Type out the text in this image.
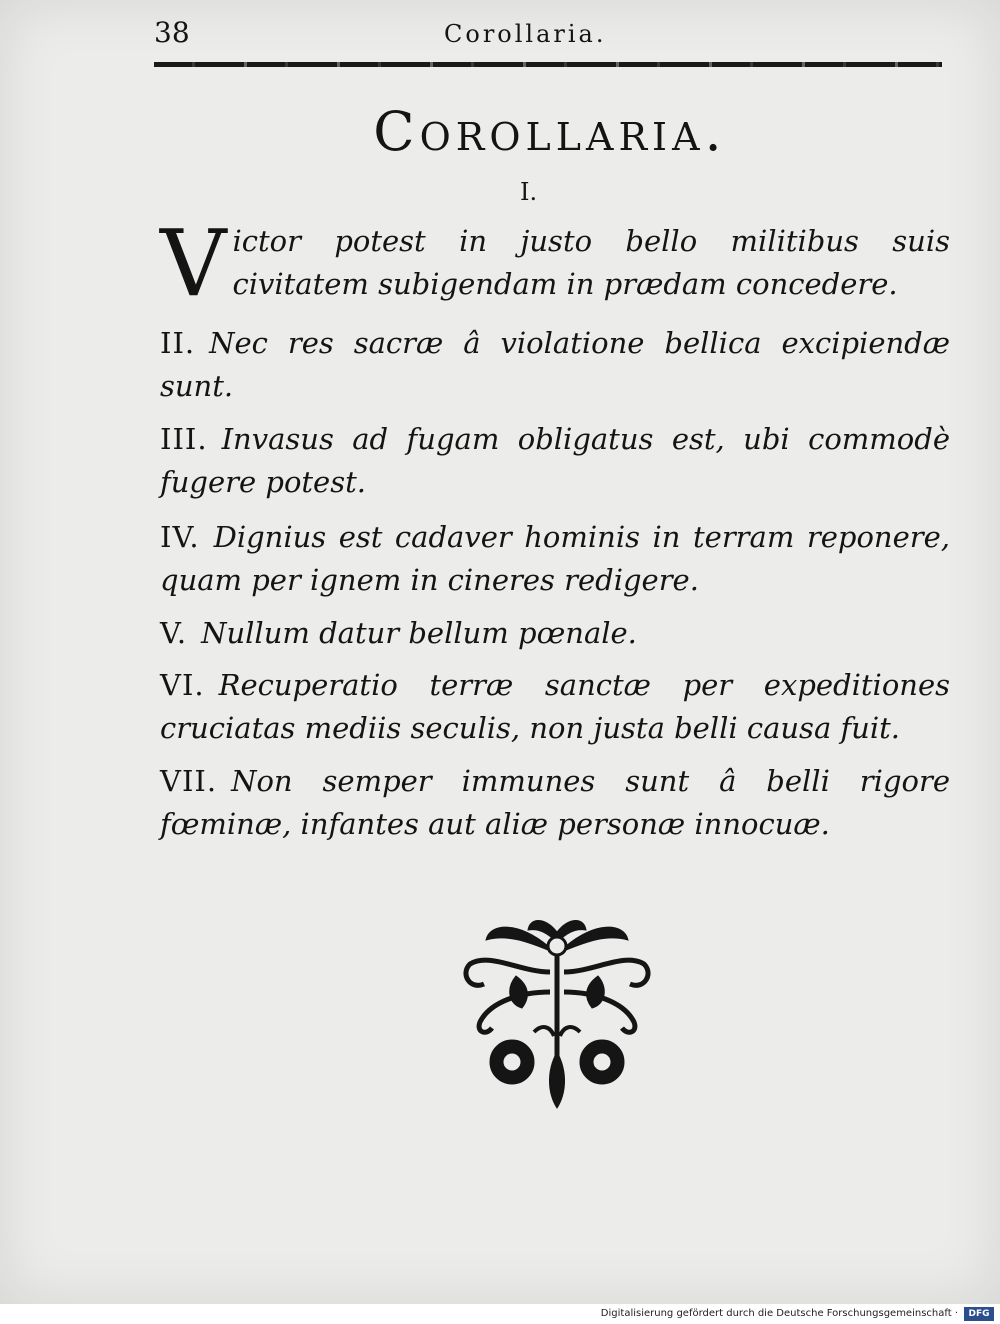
38	Corollaria.
Corollaria.
I.
V ictor potest in justo bello militibus suis civitatem subigendam in prædam concedere.
II. Nec res sacræ â violatione bellica excipiendæ sunt.
III. Invasus ad fugam obligatus est, ubi commodè fugere potest.
IV. Dignius est cadaver hominis in terram reponere, quam per ignem in cineres redigere.
V. Nullum datur bellum pœnale.
VI. Recuperatio terræ sanctæ per expeditiones cruciatas mediis seculis, non justa belli causa fuit.
VII. Non semper immunes sunt â belli rigore fœminæ, infantes aut aliæ personæ innocuæ.
Digitalisierung gefördert durch die Deutsche Forschungsgemeinschaft ·	DFG
